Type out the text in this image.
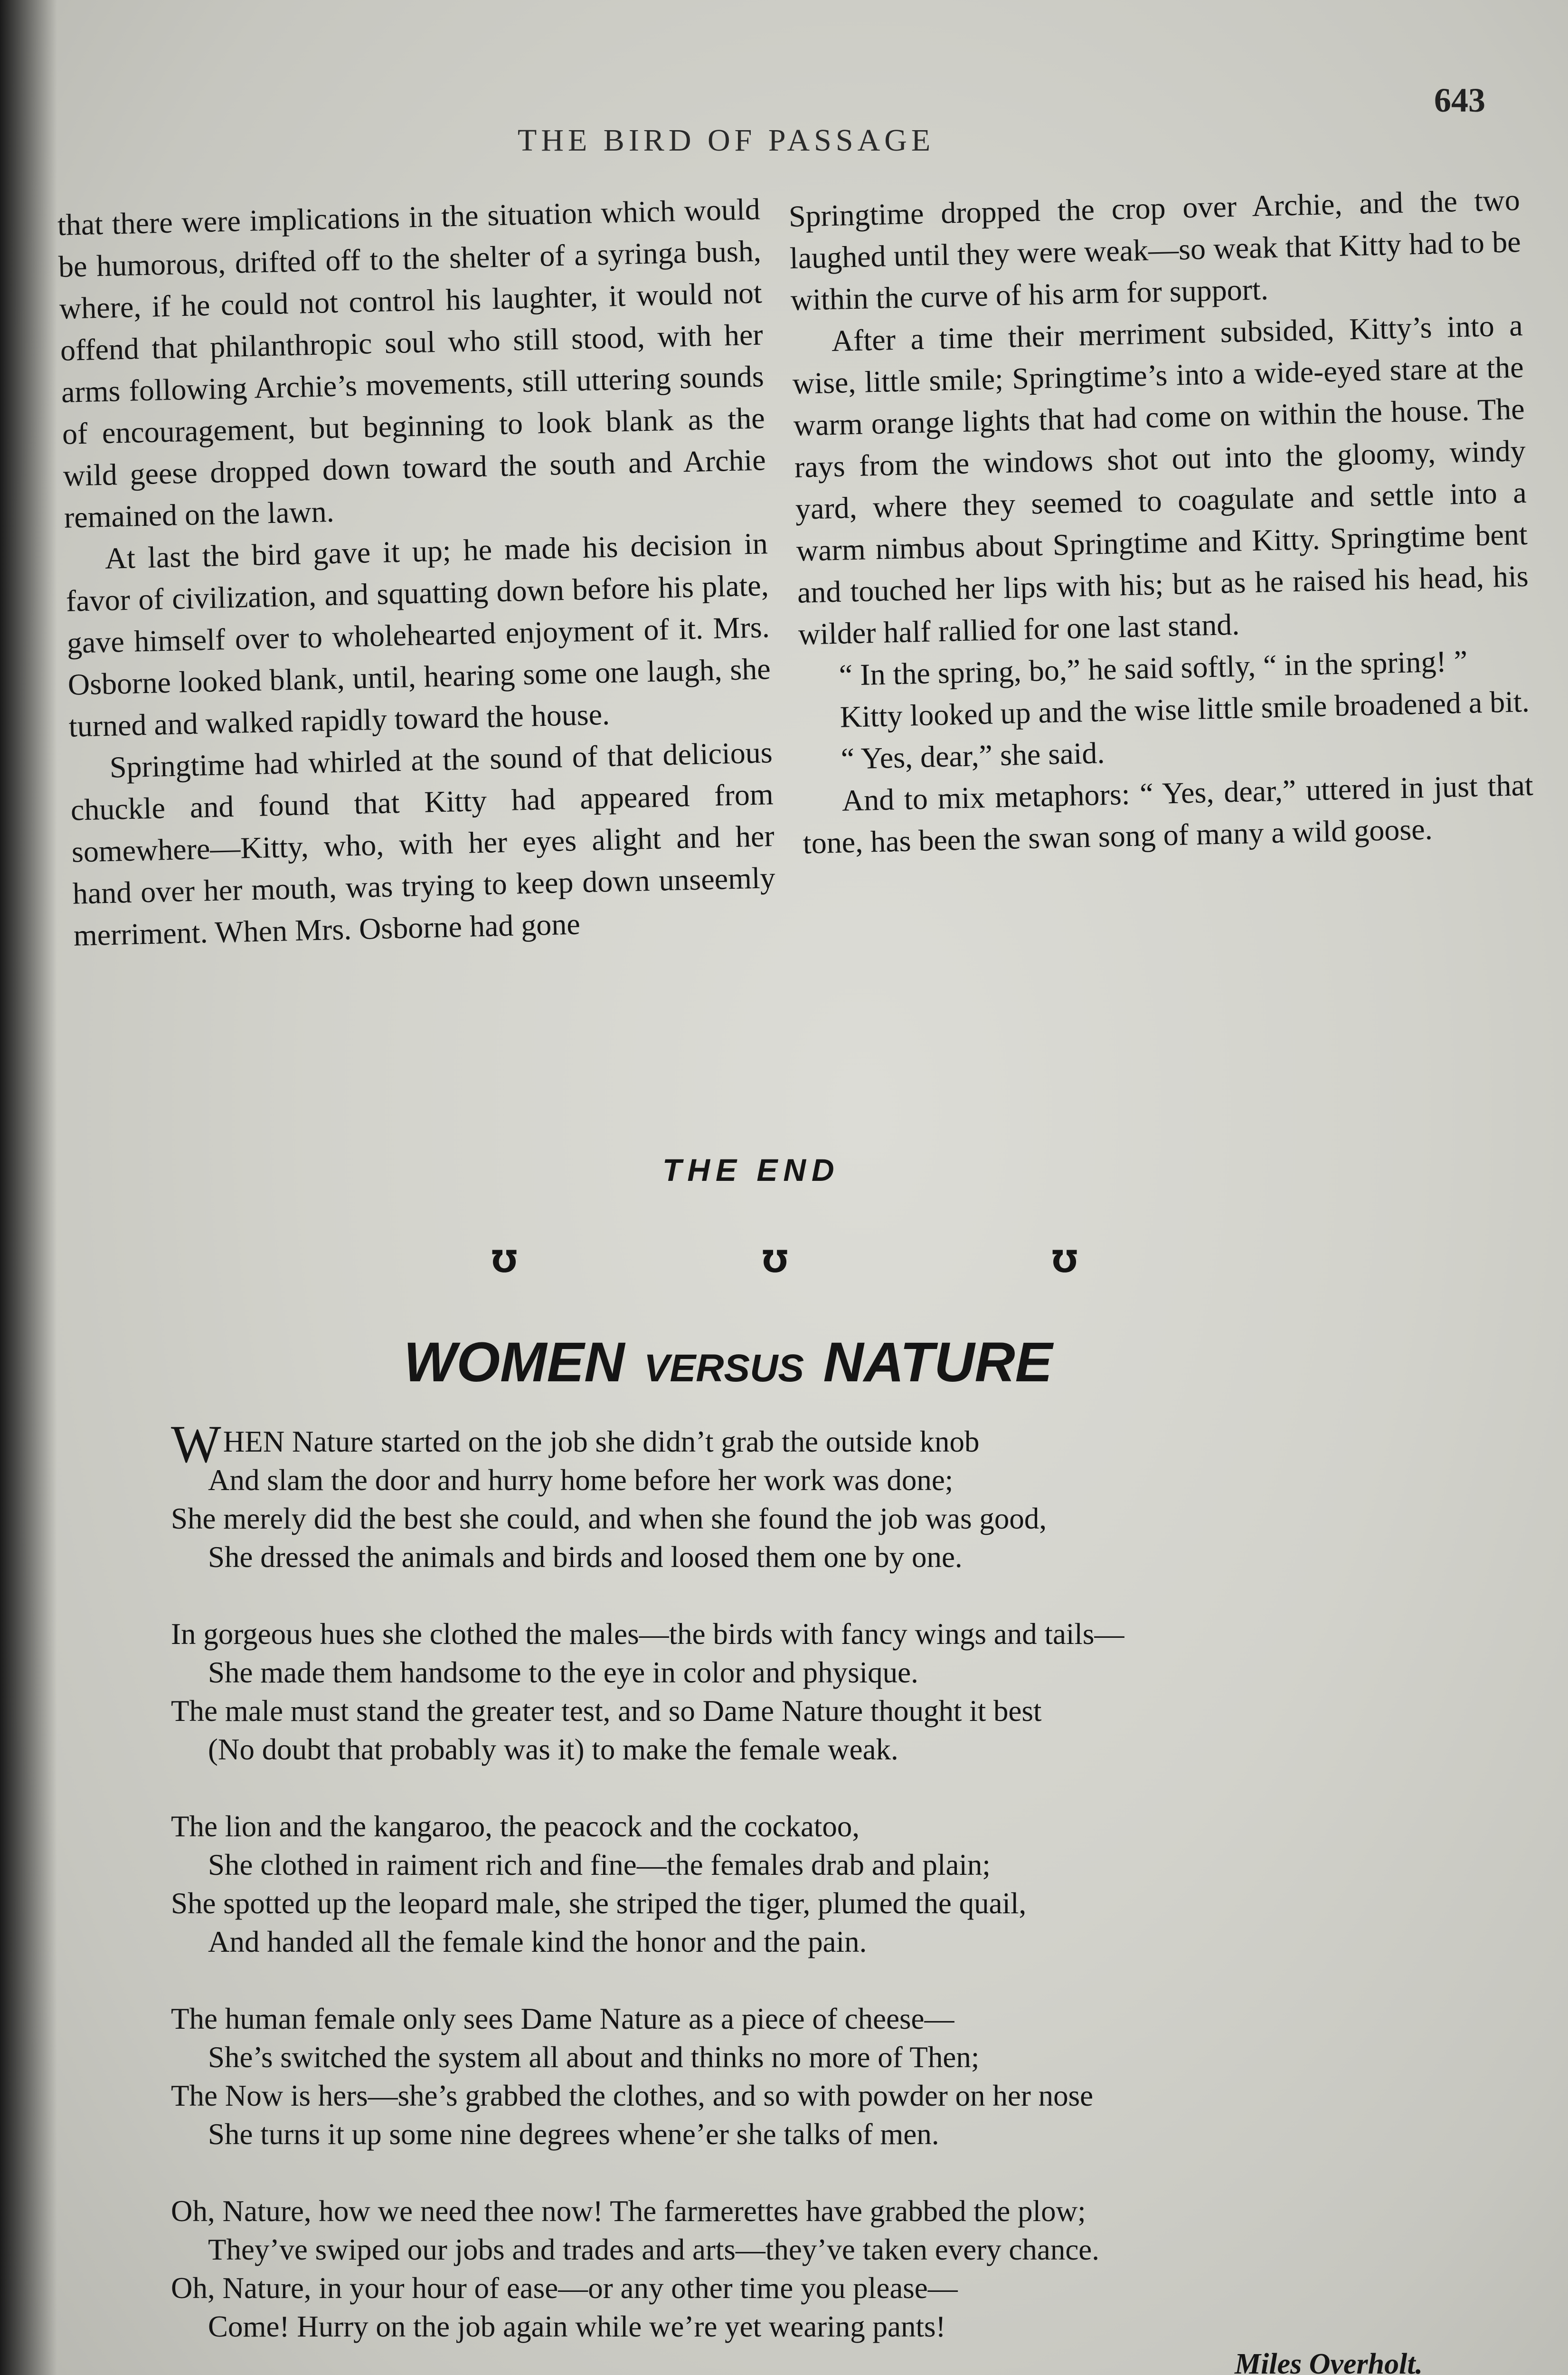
THE BIRD OF PASSAGE
643

that there were implications in the situation which would be humorous, drifted off to the shelter of a syringa bush, where, if he could not control his laughter, it would not offend that philanthropic soul who still stood, with her arms following Archie’s movements, still uttering sounds of encouragement, but beginning to look blank as the wild geese dropped down toward the south and Archie remained on the lawn.

At last the bird gave it up; he made his decision in favor of civilization, and squatting down before his plate, gave himself over to wholehearted enjoyment of it. Mrs. Osborne looked blank, until, hearing some one laugh, she turned and walked rapidly toward the house.

Springtime had whirled at the sound of that delicious chuckle and found that Kitty had appeared from somewhere—Kitty, who, with her eyes alight and her hand over her mouth, was trying to keep down unseemly merriment. When Mrs. Osborne had gone

Springtime dropped the crop over Archie, and the two laughed until they were weak—so weak that Kitty had to be within the curve of his arm for support.

After a time their merriment subsided, Kitty’s into a wise, little smile; Springtime’s into a wide-eyed stare at the warm orange lights that had come on within the house. The rays from the windows shot out into the gloomy, windy yard, where they seemed to coagulate and settle into a warm nimbus about Springtime and Kitty. Springtime bent and touched her lips with his; but as he raised his head, his wilder half rallied for one last stand.

“ In the spring, bo,” he said softly, “ in the spring! ”

Kitty looked up and the wise little smile broadened a bit.

“ Yes, dear,” she said.

And to mix metaphors: “ Yes, dear,” uttered in just that tone, has been the swan song of many a wild goose.

THE END
℧	℧	℧
WOMEN VERSUS NATURE
WHEN Nature started on the job she didn’t grab the outside knob
And slam the door and hurry home before her work was done;
She merely did the best she could, and when she found the job was good,
She dressed the animals and birds and loosed them one by one.
In gorgeous hues she clothed the males—the birds with fancy wings and tails—
She made them handsome to the eye in color and physique.
The male must stand the greater test, and so Dame Nature thought it best
(No doubt that probably was it) to make the female weak.
The lion and the kangaroo, the peacock and the cockatoo,
She clothed in raiment rich and fine—the females drab and plain;
She spotted up the leopard male, she striped the tiger, plumed the quail,
And handed all the female kind the honor and the pain.
The human female only sees Dame Nature as a piece of cheese—
She’s switched the system all about and thinks no more of Then;
The Now is hers—she’s grabbed the clothes, and so with powder on her nose
She turns it up some nine degrees whene’er she talks of men.
Oh, Nature, how we need thee now! The farmerettes have grabbed the plow;
They’ve swiped our jobs and trades and arts—they’ve taken every chance.
Oh, Nature, in your hour of ease—or any other time you please—
Come! Hurry on the job again while we’re yet wearing pants!
Miles Overholt.
